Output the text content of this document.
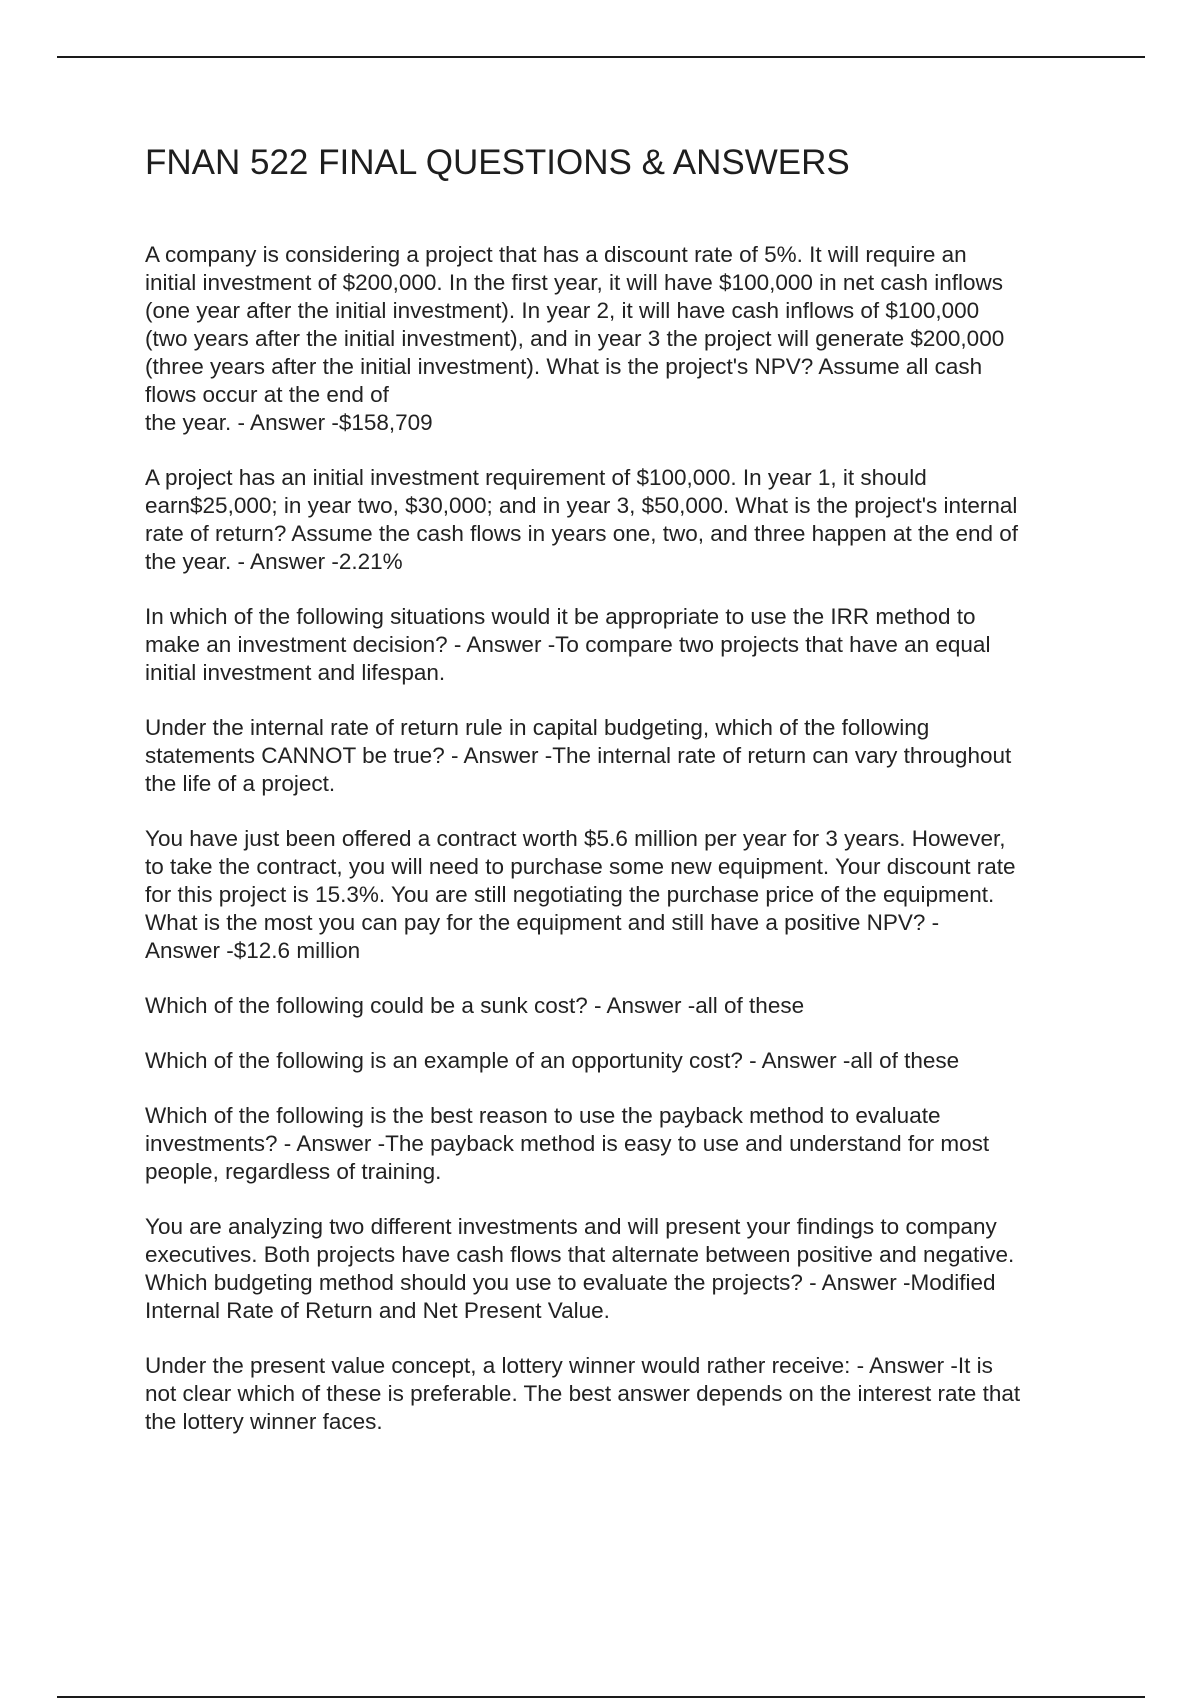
FNAN 522 FINAL QUESTIONS & ANSWERS
A company is considering a project that has a discount rate of 5%. It will require an
initial investment of $200,000. In the first year, it will have $100,000 in net cash inflows
(one year after the initial investment). In year 2, it will have cash inflows of $100,000
(two years after the initial investment), and in year 3 the project will generate $200,000
(three years after the initial investment). What is the project's NPV? Assume all cash
flows occur at the end of
the year. - Answer -$158,709
A project has an initial investment requirement of $100,000. In year 1, it should
earn$25,000; in year two, $30,000; and in year 3, $50,000. What is the project's internal
rate of return? Assume the cash flows in years one, two, and three happen at the end of
the year. - Answer -2.21%
In which of the following situations would it be appropriate to use the IRR method to
make an investment decision? - Answer -To compare two projects that have an equal
initial investment and lifespan.
Under the internal rate of return rule in capital budgeting, which of the following
statements CANNOT be true? - Answer -The internal rate of return can vary throughout
the life of a project.
You have just been offered a contract worth $5.6 million per year for 3 years. However,
to take the contract, you will need to purchase some new equipment. Your discount rate
for this project is 15.3%. You are still negotiating the purchase price of the equipment.
What is the most you can pay for the equipment and still have a positive NPV? -
Answer -$12.6 million
Which of the following could be a sunk cost? - Answer -all of these
Which of the following is an example of an opportunity cost? - Answer -all of these
Which of the following is the best reason to use the payback method to evaluate
investments? - Answer -The payback method is easy to use and understand for most
people, regardless of training.
You are analyzing two different investments and will present your findings to company
executives. Both projects have cash flows that alternate between positive and negative.
Which budgeting method should you use to evaluate the projects? - Answer -Modified
Internal Rate of Return and Net Present Value.
Under the present value concept, a lottery winner would rather receive: - Answer -It is
not clear which of these is preferable. The best answer depends on the interest rate that
the lottery winner faces.
